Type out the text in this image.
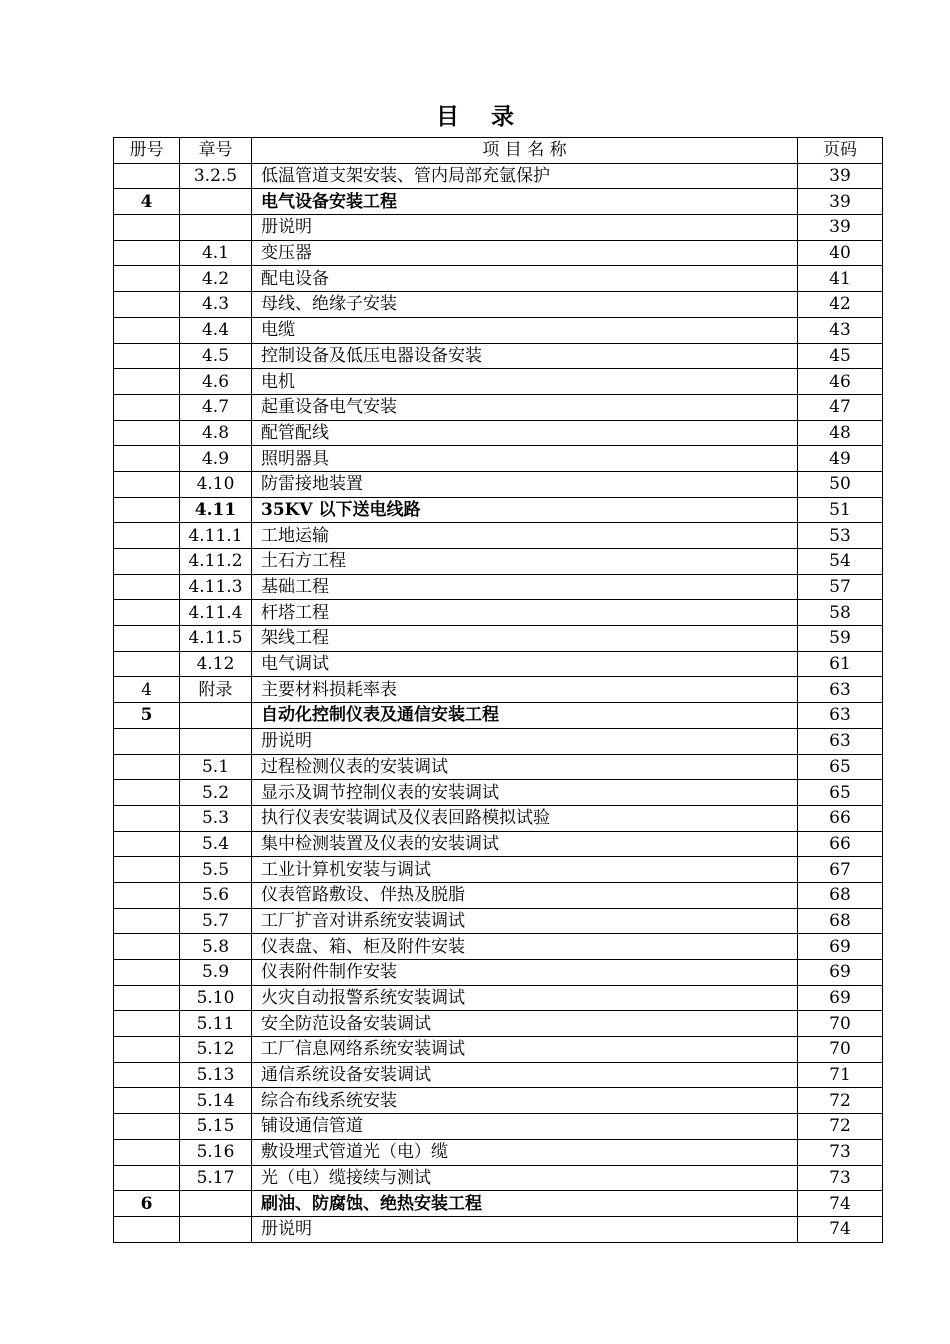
目    录
册号	章号	项 目 名 称	页码
	3.2.5	低温管道支架安装、管内局部充氩保护	39
4		电气设备安装工程	39
		册说明	39
	4.1	变压器	40
	4.2	配电设备	41
	4.3	母线、绝缘子安装	42
	4.4	电缆	43
	4.5	控制设备及低压电器设备安装	45
	4.6	电机	46
	4.7	起重设备电气安装	47
	4.8	配管配线	48
	4.9	照明器具	49
	4.10	防雷接地装置	50
	4.11	35KV 以下送电线路	51
	4.11.1	工地运输	53
	4.11.2	土石方工程	54
	4.11.3	基础工程	57
	4.11.4	杆塔工程	58
	4.11.5	架线工程	59
	4.12	电气调试	61
4	附录	主要材料损耗率表	63
5		自动化控制仪表及通信安装工程	63
		册说明	63
	5.1	过程检测仪表的安装调试	65
	5.2	显示及调节控制仪表的安装调试	65
	5.3	执行仪表安装调试及仪表回路模拟试验	66
	5.4	集中检测装置及仪表的安装调试	66
	5.5	工业计算机安装与调试	67
	5.6	仪表管路敷设、伴热及脱脂	68
	5.7	工厂扩音对讲系统安装调试	68
	5.8	仪表盘、箱、柜及附件安装	69
	5.9	仪表附件制作安装	69
	5.10	火灾自动报警系统安装调试	69
	5.11	安全防范设备安装调试	70
	5.12	工厂信息网络系统安装调试	70
	5.13	通信系统设备安装调试	71
	5.14	综合布线系统安装	72
	5.15	铺设通信管道	72
	5.16	敷设埋式管道光（电）缆	73
	5.17	光（电）缆接续与测试	73
6		刷油、防腐蚀、绝热安装工程	74
		册说明	74
